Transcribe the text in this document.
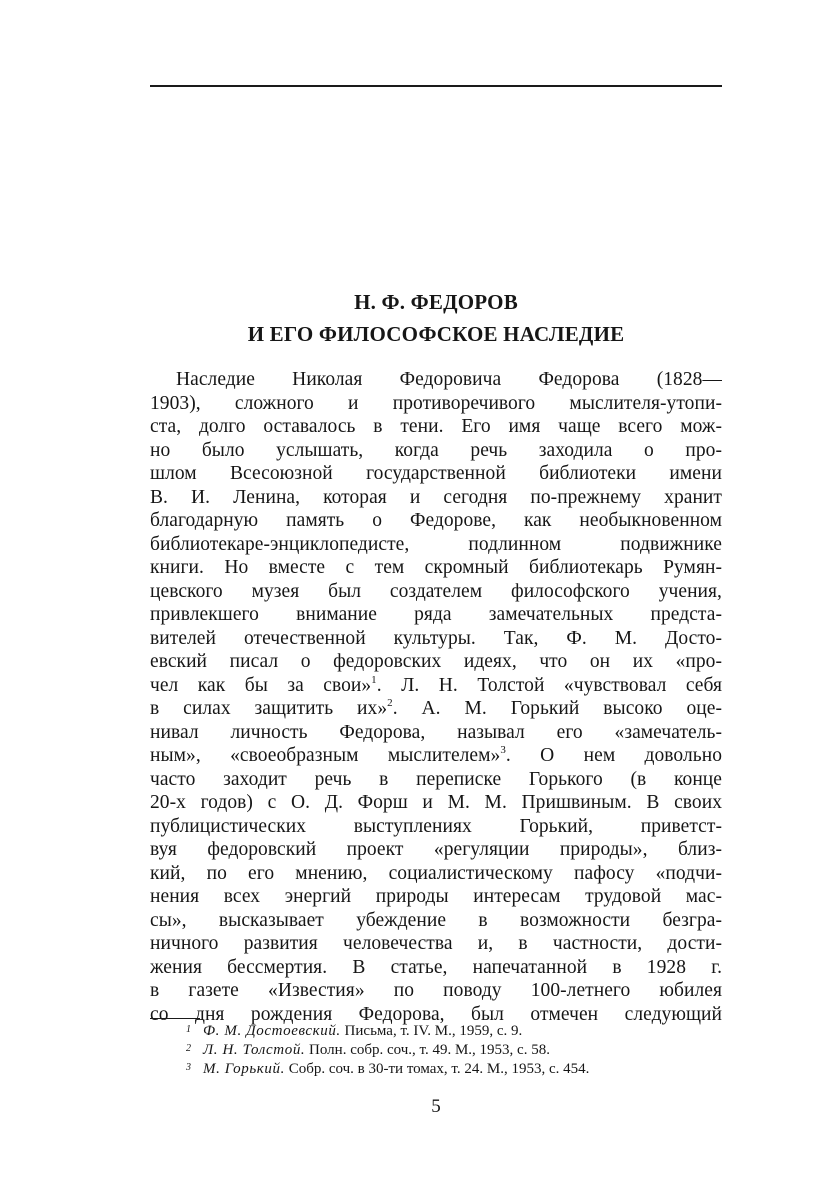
Н. Ф. ФЕДОРОВ
И ЕГО ФИЛОСОФСКОЕ НАСЛЕДИЕ
Наследие Николая Федоровича Федорова (1828—
1903), сложного и противоречивого мыслителя-утопи-
ста, долго оставалось в тени. Его имя чаще всего мож-
но было услышать, когда речь заходила о про-
шлом Всесоюзной государственной библиотеки имени
В. И. Ленина, которая и сегодня по-прежнему хранит
благодарную память о Федорове, как необыкновенном
библиотекаре-энциклопедисте, подлинном подвижнике
книги. Но вместе с тем скромный библиотекарь Румян-
цевского музея был создателем философского учения,
привлекшего внимание ряда замечательных предста-
вителей отечественной культуры. Так, Ф. М. Досто-
евский писал о федоровских идеях, что он их «про-
чел как бы за свои»$^1$. Л. Н. Толстой «чувствовал себя
в силах защитить их»$^2$. А. М. Горький высоко оце-
нивал личность Федорова, называл его «замечатель-
ным», «своеобразным мыслителем»$^3$. О нем довольно
часто заходит речь в переписке Горького (в конце
20-х годов) с О. Д. Форш и М. М. Пришвиным. В своих
публицистических выступлениях Горький, приветст-
вуя федоровский проект «регуляции природы», близ-
кий, по его мнению, социалистическому пафосу «подчи-
нения всех энергий природы интересам трудовой мас-
сы», высказывает убеждение в возможности безгра-
ничного развития человечества и, в частности, дости-
жения бессмертия. В статье, напечатанной в 1928 г.
в газете «Известия» по поводу 100-летнего юбилея
со дня рождения Федорова, был отмечен следующий
1 Ф. М. Достоевский. Письма, т. IV. М., 1959, с. 9.
2 Л. Н. Толстой. Полн. собр. соч., т. 49. М., 1953, с. 58.
3 М. Горький. Собр. соч. в 30-ти томах, т. 24. М., 1953, с. 454.
5
